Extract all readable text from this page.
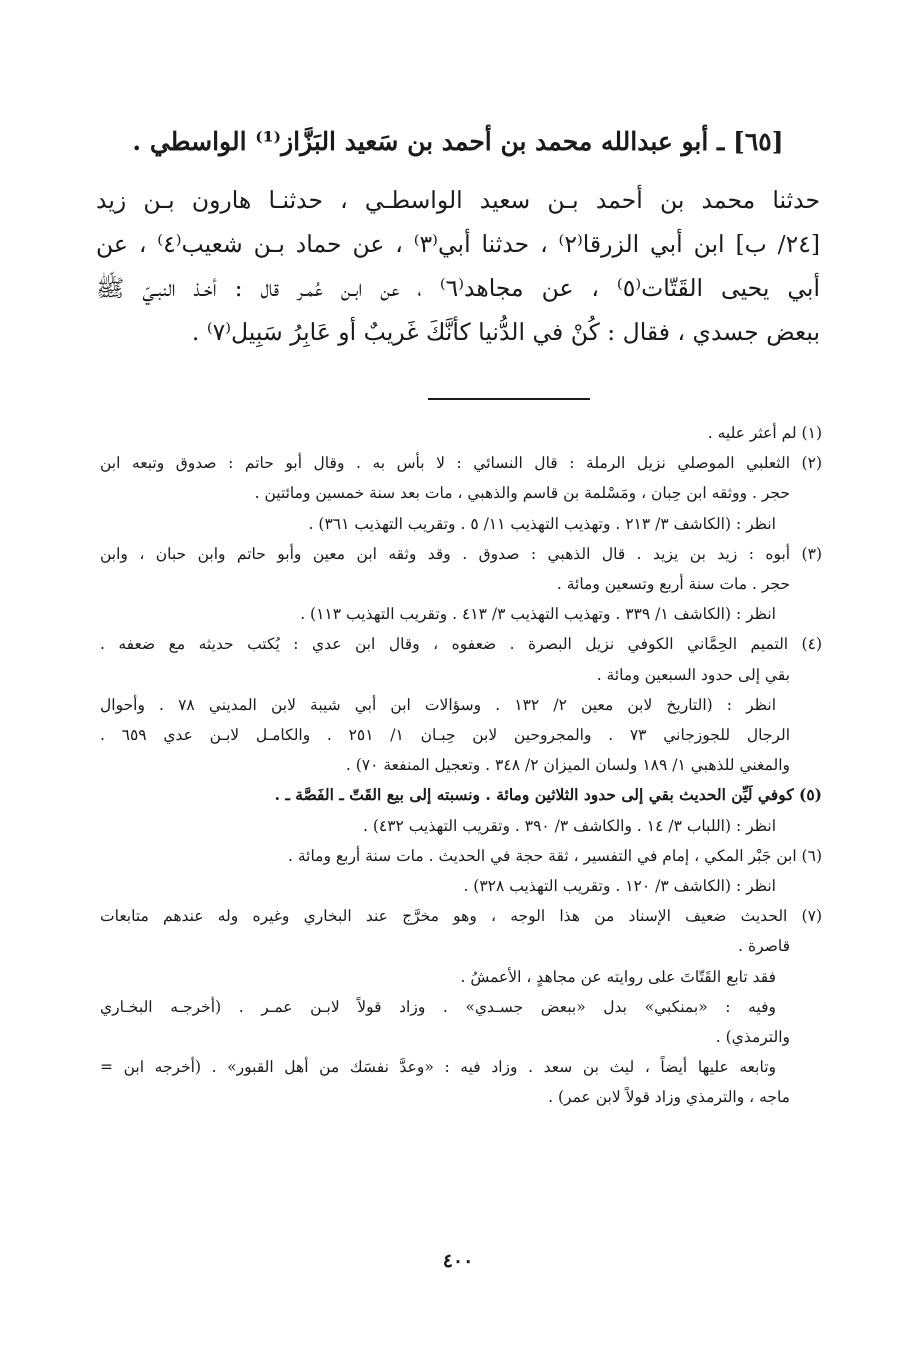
[٦٥] ـ أبو عبدالله محمد بن أحمد بن سَعيد البَزَّاز⁽¹⁾ الواسطي .
حدثنا محمد بن أحمد بـن سعيد الواسطـي ، حدثنـا هارون بـن زيد
[٢٤/ ب] ابن أبي الزرقا⁽٢⁾ ، حدثنا أبي⁽٣⁾ ، عن حماد بـن شعيب⁽٤⁾ ، عن
أبي يحيى القَتّات⁽٥⁾ ، عن مجاهد⁽٦⁾ ، عن ابـن عُمـر قال : أخـذ النبـيّ ﷺ
ببعض جسدي ، فقال : كُنْ في الدُّنيا كأنَّكَ غَريبٌ أو عَابِرُ سَبِيل⁽٧⁾ .
(١) لم أعثر عليه .
(٢) الثعلبي الموصلي نزيل الرملة : قال النسائي : لا بأس به . وقال أبو حاتم : صدوق وتبعه ابن
حجر . ووثقه ابن حِبان ، ومَسْلمة بن قاسم والذهبي ، مات بعد سنة خمسين ومائتين .
انظر : (الكاشف ٣/ ٢١٣ . وتهذيب التهذيب ١١/ ٥ . وتقريب التهذيب ٣٦١) .
(٣) أبوه : زيد بن يزيد . قال الذهبي : صدوق . وقد وثقه ابن معين وأبو حاتم وابن حبان ، وابن
حجر . مات سنة أربع وتسعين ومائة .
انظر : (الكاشف ١/ ٣٣٩ . وتهذيب التهذيب ٣/ ٤١٣ . وتقريب التهذيب ١١٣) .
(٤) التميم الحِمَّاني الكوفي نزيل البصرة . ضعفوه ، وقال ابن عدي : يُكتب حديثه مع ضعفه .
بقي إلى حدود السبعين ومائة .
انظر : (التاريخ لابن معين ٢/ ١٣٢ . وسؤالات ابن أبي شيبة لابن المديني ٧٨ . وأحوال
الرجال للجوزجاني ٧٣ . والمجروحين لابن حِبـان ١/ ٢٥١ . والكامـل لابـن عدي ٦٥٩ .
والمغني للذهبي ١/ ١٨٩ ولسان الميزان ٢/ ٣٤٨ . وتعجيل المنفعة ٧٠) .
(٥) كوفي لَيِّن الحديث بقي إلى حدود الثلاثين ومائة . ونسبته إلى بيع القَتّ ـ الفَصَّة ـ .
انظر : (اللباب ٣/ ١٤ . والكاشف ٣/ ٣٩٠ . وتقريب التهذيب ٤٣٢) .
(٦) ابن جَبْر المكي ، إمام في التفسير ، ثقة حجة في الحديث . مات سنة أربع ومائة .
انظر : (الكاشف ٣/ ١٢٠ . وتقريب التهذيب ٣٢٨) .
(٧) الحديث ضعيف الإسناد من هذا الوجه ، وهو مخرَّج عند البخاري وغيره وله عندهم متابعات
قاصرة .
فقد تابع القَتّاتَ على روايته عن مجاهدٍ ، الأعمشُ .
وفيه : «بمنكبي» بدل «ببعض جسـدي» . وزاد قولاً لابـن عمـر . (أخرجـه البخـاري
والترمذي) .
وتابعه عليها أيضاً ، ليث بن سعد . وزاد فيه : «وعدَّ نفسَك من أهل القبور» . (أخرجه ابن =
ماجه ، والترمذي وزاد قولاً لابن عمر) .
٤٠٠
